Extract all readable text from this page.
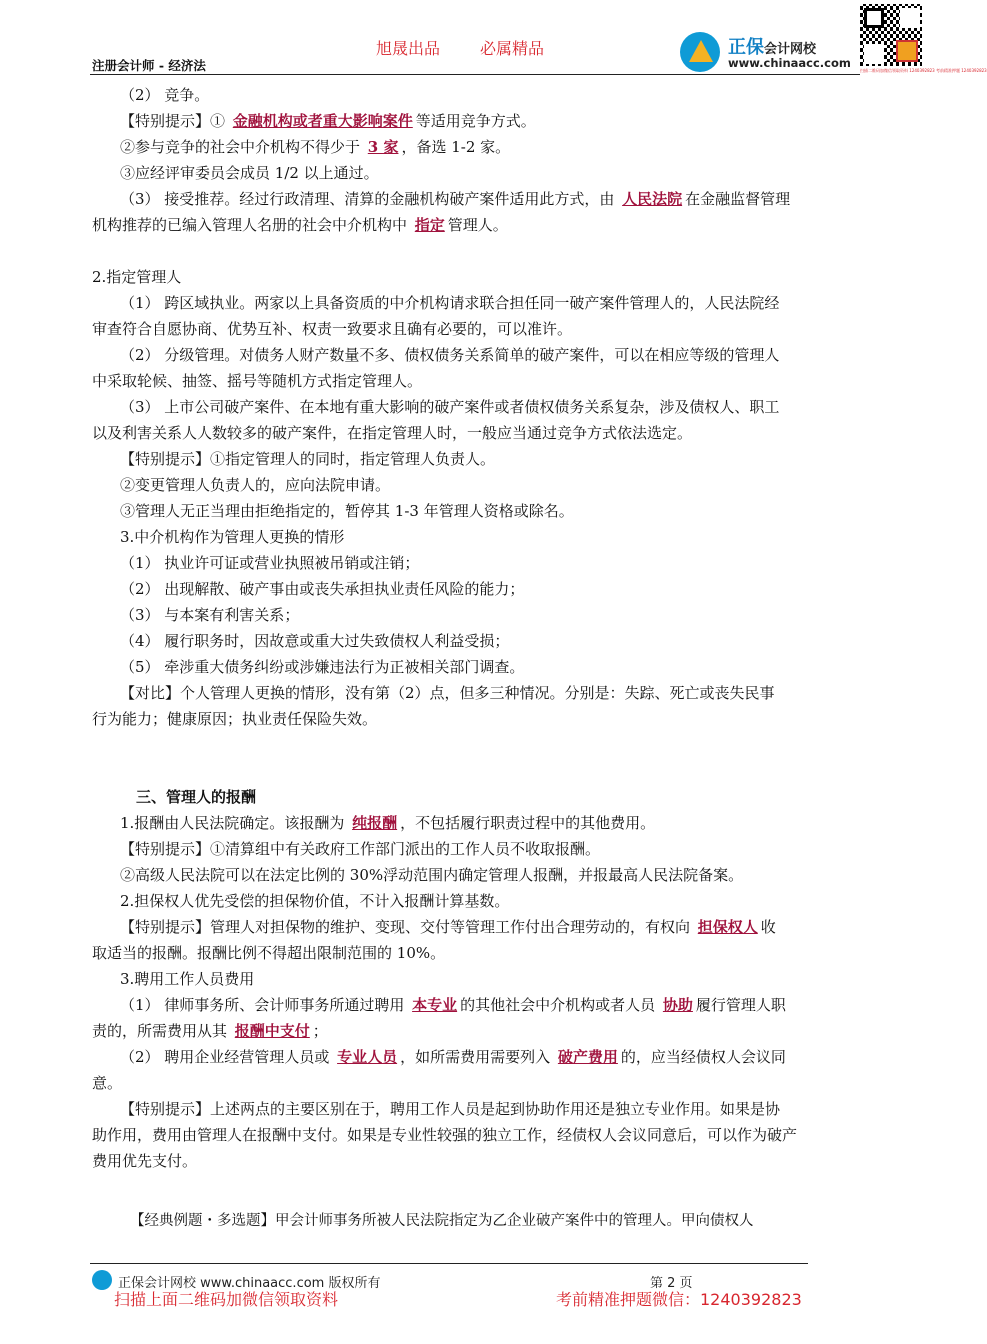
旭晟出品	必属精品
注册会计师 - 经济法
正保会计网校
www.chinaacc.com
扫描二维码加微信领取资料 1240392823 考前精准押题 1240392823

（2） 竞争。

【特别提示】① 金融机构或者重大影响案件 等适用竞争方式。

②参与竞争的社会中介机构不得少于 3 家 ，备选 1-2 家。

③应经评审委员会成员 1/2 以上通过。

（3） 接受推荐。经过行政清理、清算的金融机构破产案件适用此方式，由 人民法院 在金融监督管理

机构推荐的已编入管理人名册的社会中介机构中 指定 管理人。

2.指定管理人

（1） 跨区域执业。两家以上具备资质的中介机构请求联合担任同一破产案件管理人的，人民法院经

审查符合自愿协商、优势互补、权责一致要求且确有必要的，可以准许。

（2） 分级管理。对债务人财产数量不多、债权债务关系简单的破产案件，可以在相应等级的管理人

中采取轮候、抽签、摇号等随机方式指定管理人。

（3） 上市公司破产案件、在本地有重大影响的破产案件或者债权债务关系复杂，涉及债权人、职工

以及利害关系人人数较多的破产案件，在指定管理人时，一般应当通过竞争方式依法选定。

【特别提示】①指定管理人的同时，指定管理人负责人。

②变更管理人负责人的，应向法院申请。

③管理人无正当理由拒绝指定的，暂停其 1-3 年管理人资格或除名。

3.中介机构作为管理人更换的情形

（1） 执业许可证或营业执照被吊销或注销；

（2） 出现解散、破产事由或丧失承担执业责任风险的能力；

（3） 与本案有利害关系；

（4） 履行职务时，因故意或重大过失致债权人利益受损；

（5） 牵涉重大债务纠纷或涉嫌违法行为正被相关部门调查。

【对比】个人管理人更换的情形，没有第（2）点，但多三种情况。分别是：失踪、死亡或丧失民事

行为能力；健康原因；执业责任保险失效。

三、管理人的报酬

1.报酬由人民法院确定。该报酬为 纯报酬 ，不包括履行职责过程中的其他费用。

【特别提示】①清算组中有关政府工作部门派出的工作人员不收取报酬。

②高级人民法院可以在法定比例的 30%浮动范围内确定管理人报酬，并报最高人民法院备案。

2.担保权人优先受偿的担保物价值，不计入报酬计算基数。

【特别提示】管理人对担保物的维护、变现、交付等管理工作付出合理劳动的，有权向 担保权人 收

取适当的报酬。报酬比例不得超出限制范围的 10%。

3.聘用工作人员费用

（1） 律师事务所、会计师事务所通过聘用 本专业 的其他社会中介机构或者人员 协助 履行管理人职

责的，所需费用从其 报酬中支付 ；

（2） 聘用企业经营管理人员或 专业人员 ，如所需费用需要列入 破产费用 的，应当经债权人会议同

意。

【特别提示】上述两点的主要区别在于，聘用工作人员是起到协助作用还是独立专业作用。如果是协

助作用，费用由管理人在报酬中支付。如果是专业性较强的独立工作，经债权人会议同意后，可以作为破产

费用优先支付。

【经典例题・多选题】甲会计师事务所被人民法院指定为乙企业破产案件中的管理人。甲向债权人

正保会计网校 www.chinaacc.com 版权所有	第 2 页
扫描上面二维码加微信领取资料	考前精准押题微信：1240392823
